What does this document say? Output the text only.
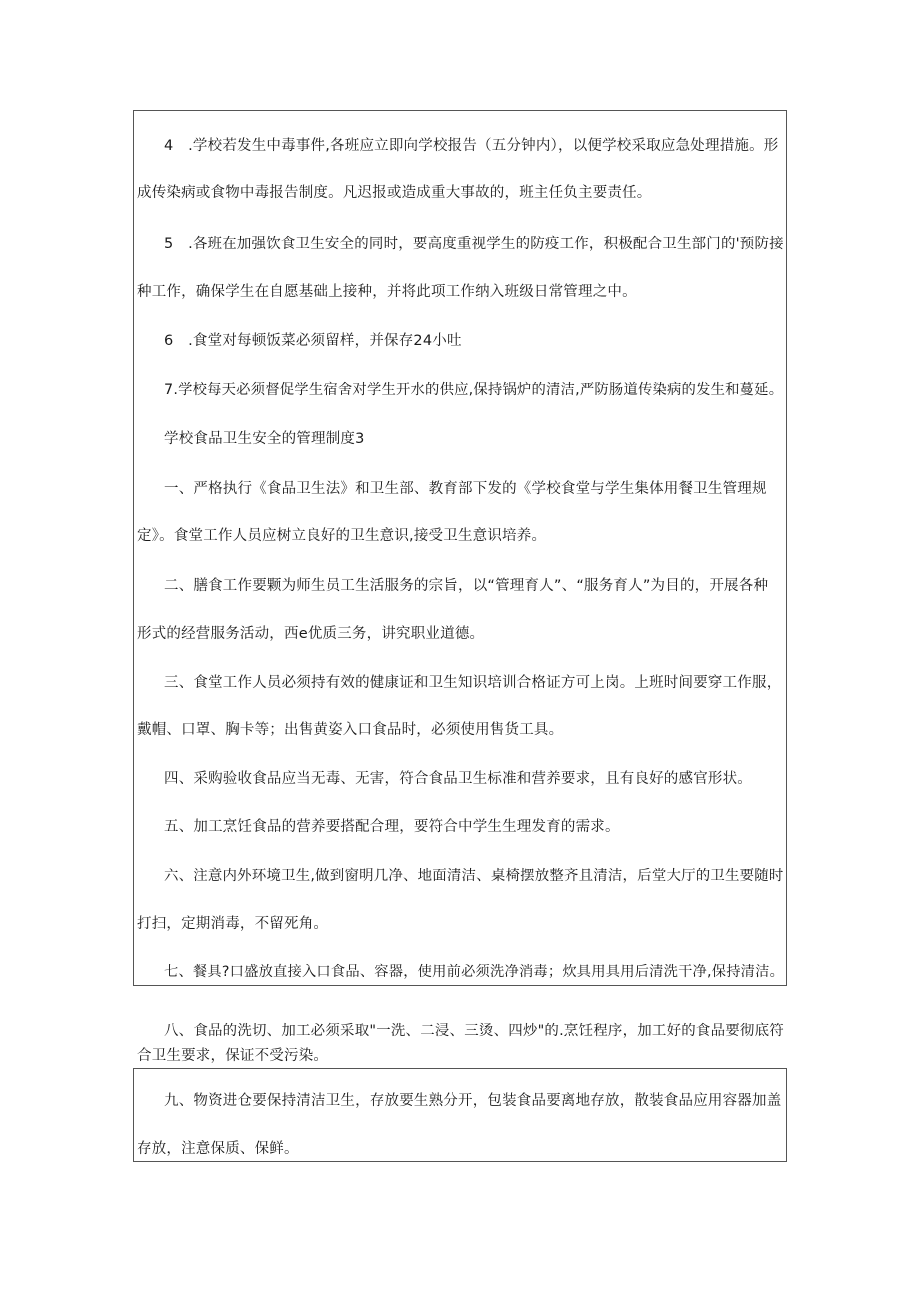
4　.学校若发生中毒事件,各班应立即向学校报告（五分钟内），以便学校采取应急处理措施。形
成传染病或食物中毒报告制度。凡迟报或造成重大事故的，班主任负主要责任。
5　.各班在加强饮食卫生安全的同时，要高度重视学生的防疫工作，积极配合卫生部门的'预防接
种工作，确保学生在自愿基础上接种，并将此项工作纳入班级日常管理之中。
6　.食堂对每顿饭菜必须留样，并保存24小吐
7.学校每天必须督促学生宿舍对学生开水的供应,保持锅炉的清洁,严防肠道传染病的发生和蔓延。
学校食品卫生安全的管理制度3
一、严格执行《食品卫生法》和卫生部、教育部下发的《学校食堂与学生集体用餐卫生管理规
定》。食堂工作人员应树立良好的卫生意识,接受卫生意识培养。
二、膳食工作要颗为师生员工生活服务的宗旨，以“管理育人”、“服务育人”为目的，开展各种
形式的经营服务活动，西e优质三务，讲究职业道德。
三、食堂工作人员必须持有效的健康证和卫生知识培训合格证方可上岗。上班时间要穿工作服，
戴帽、口罩、胸卡等；出售黄姿入口食品时，必须使用售货工具。
四、采购验收食品应当无毒、无害，符合食品卫生标准和营养要求，且有良好的感官形状。
五、加工烹饪食品的营养要搭配合理，要符合中学生生理发育的需求。
六、注意内外环境卫生,做到窗明几净、地面清洁、桌椅摆放整齐且清洁，后堂大厅的卫生要随时
打扫，定期消毒，不留死角。
七、餐具?口盛放直接入口食品、容器，使用前必须洗净消毒；炊具用具用后清洗干净,保持清洁。
八、食品的洗切、加工必须采取"一洗、二浸、三烫、四炒"的.烹饪程序，加工好的食品要彻底符
合卫生要求，保证不受污染。
九、物资进仓要保持清洁卫生，存放要生熟分开，包装食品要离地存放，散装食品应用容器加盖
存放，注意保质、保鲜。
